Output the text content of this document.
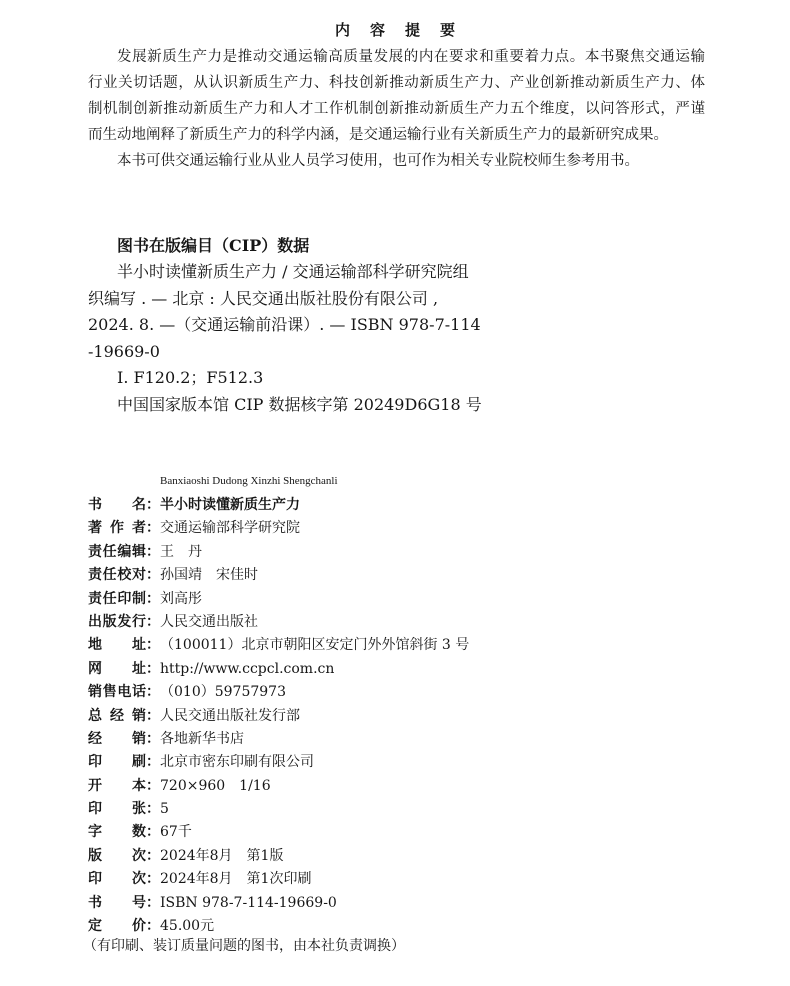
内容提要
发展新质生产力是推动交通运输高质量发展的内在要求和重要着力点。本书聚焦交通运输
行业关切话题，从认识新质生产力、科技创新推动新质生产力、产业创新推动新质生产力、体
制机制创新推动新质生产力和人才工作机制创新推动新质生产力五个维度，以问答形式，严谨
而生动地阐释了新质生产力的科学内涵，是交通运输行业有关新质生产力的最新研究成果。
本书可供交通运输行业从业人员学习使用，也可作为相关专业院校师生参考用书。
图书在版编目（CIP）数据
半小时读懂新质生产力 / 交通运输部科学研究院组
织编写 . — 北京 : 人民交通出版社股份有限公司 ,
2024. 8. —（交通运输前沿课）. — ISBN 978-7-114
-19669-0
Ⅰ. F120.2；F512.3
中国国家版本馆 CIP 数据核字第 20249D6G18 号
Banxiaoshi Dudong Xinzhi Shengchanli
书 名：半小时读懂新质生产力
著 作 者：交通运输部科学研究院
责任编辑：王　丹
责任校对：孙国靖　宋佳时
责任印制：刘高彤
出版发行：人民交通出版社
地 址：（100011）北京市朝阳区安定门外外馆斜街 3 号
网 址：http://www.ccpcl.com.cn
销售电话：（010）59757973
总 经 销：人民交通出版社发行部
经 销：各地新华书店
印 刷：北京市密东印刷有限公司
开 本：720×960　1/16
印 张：5
字 数：67千
版 次：2024年8月　第1版
印 次：2024年8月　第1次印刷
书 号：ISBN 978-7-114-19669-0
定 价：45.00元
（有印刷、装订质量问题的图书，由本社负责调换）
